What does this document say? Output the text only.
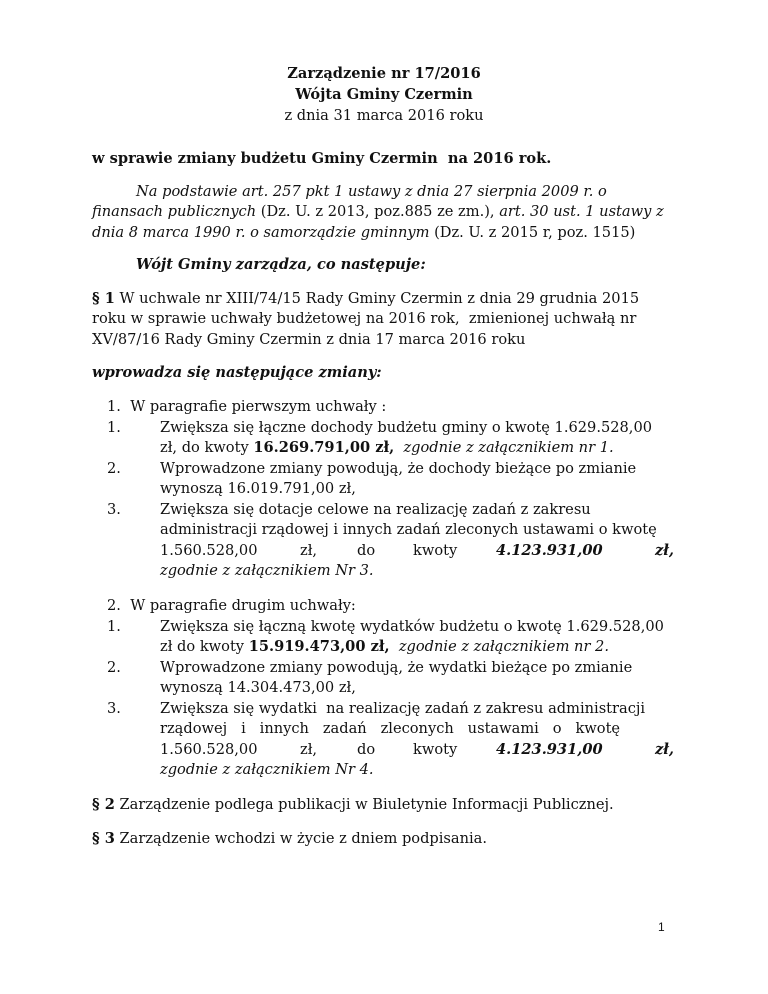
Zarządzenie nr 17/2016
Wójta Gminy Czermin
z dnia 31 marca 2016 roku
w sprawie zmiany budżetu Gminy Czermin  na 2016 rok.
Na podstawie art. 257 pkt 1 ustawy z dnia 27 sierpnia 2009 r. o
finansach publicznych (Dz. U. z 2013, poz.885 ze zm.), art. 30 ust. 1 ustawy z
dnia 8 marca 1990 r. o samorządzie gminnym (Dz. U. z 2015 r, poz. 1515)
Wójt Gminy zarządza, co następuje:
§ 1 W uchwale nr XIII/74/15 Rady Gminy Czermin z dnia 29 grudnia 2015
roku w sprawie uchwały budżetowej na 2016 rok,  zmienionej uchwałą nr
XV/87/16 Rady Gminy Czermin z dnia 17 marca 2016 roku
wprowadza się następujące zmiany:
1.  W paragrafie pierwszym uchwały :
1.	Zwiększa się łączne dochody budżetu gminy o kwotę 1.629.528,00
zł, do kwoty 16.269.791,00 zł,  zgodnie z załącznikiem nr 1.
2.	Wprowadzone zmiany powodują, że dochody bieżące po zmianie
wynoszą 16.019.791,00 zł,
3.	Zwiększa się dotacje celowe na realizację zadań z zakresu
administracji rządowej i innych zadań zleconych ustawami o kwotę
1.560.528,00	zł,	do	kwoty	4.123.931,00	zł,
zgodnie z załącznikiem Nr 3.
2.  W paragrafie drugim uchwały:
1.	Zwiększa się łączną kwotę wydatków budżetu o kwotę 1.629.528,00
zł do kwoty 15.919.473,00 zł,  zgodnie z załącznikiem nr 2.
2.	Wprowadzone zmiany powodują, że wydatki bieżące po zmianie
wynoszą 14.304.473,00 zł,
3.	Zwiększa się wydatki  na realizację zadań z zakresu administracji
rządowej   i   innych   zadań   zleconych   ustawami   o   kwotę
1.560.528,00	zł,	do	kwoty	4.123.931,00	zł,
zgodnie z załącznikiem Nr 4.
§ 2 Zarządzenie podlega publikacji w Biuletynie Informacji Publicznej.
§ 3 Zarządzenie wchodzi w życie z dniem podpisania.
1
